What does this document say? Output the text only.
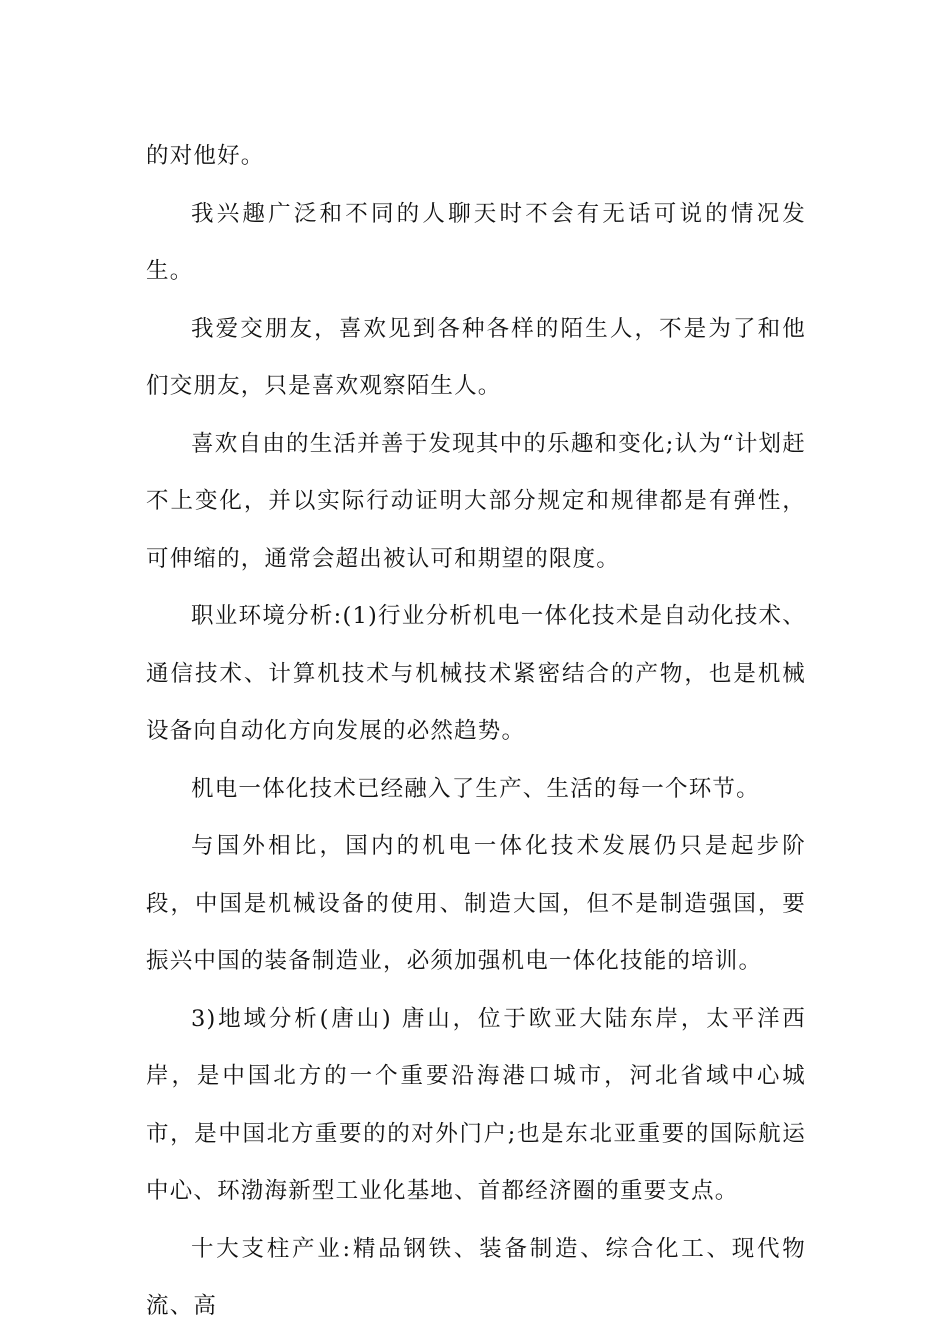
的对他好。

我兴趣广泛和不同的人聊天时不会有无话可说的情况发生。

我爱交朋友，喜欢见到各种各样的陌生人，不是为了和他们交朋友，只是喜欢观察陌生人。

喜欢自由的生活并善于发现其中的乐趣和变化;认为“计划赶不上变化，并以实际行动证明大部分规定和规律都是有弹性，可伸缩的，通常会超出被认可和期望的限度。

职业环境分析:(1)行业分析机电一体化技术是自动化技术、通信技术、计算机技术与机械技术紧密结合的产物，也是机械设备向自动化方向发展的必然趋势。

机电一体化技术已经融入了生产、生活的每一个环节。

与国外相比，国内的机电一体化技术发展仍只是起步阶段，中国是机械设备的使用、制造大国，但不是制造强国，要振兴中国的装备制造业，必须加强机电一体化技能的培训。

3)地域分析(唐山) 唐山，位于欧亚大陆东岸，太平洋西岸，是中国北方的一个重要沿海港口城市，河北省域中心城市，是中国北方重要的的对外门户;也是东北亚重要的国际航运中心、环渤海新型工业化基地、首都经济圈的重要支点。

十大支柱产业:精品钢铁、装备制造、综合化工、现代物流、高
